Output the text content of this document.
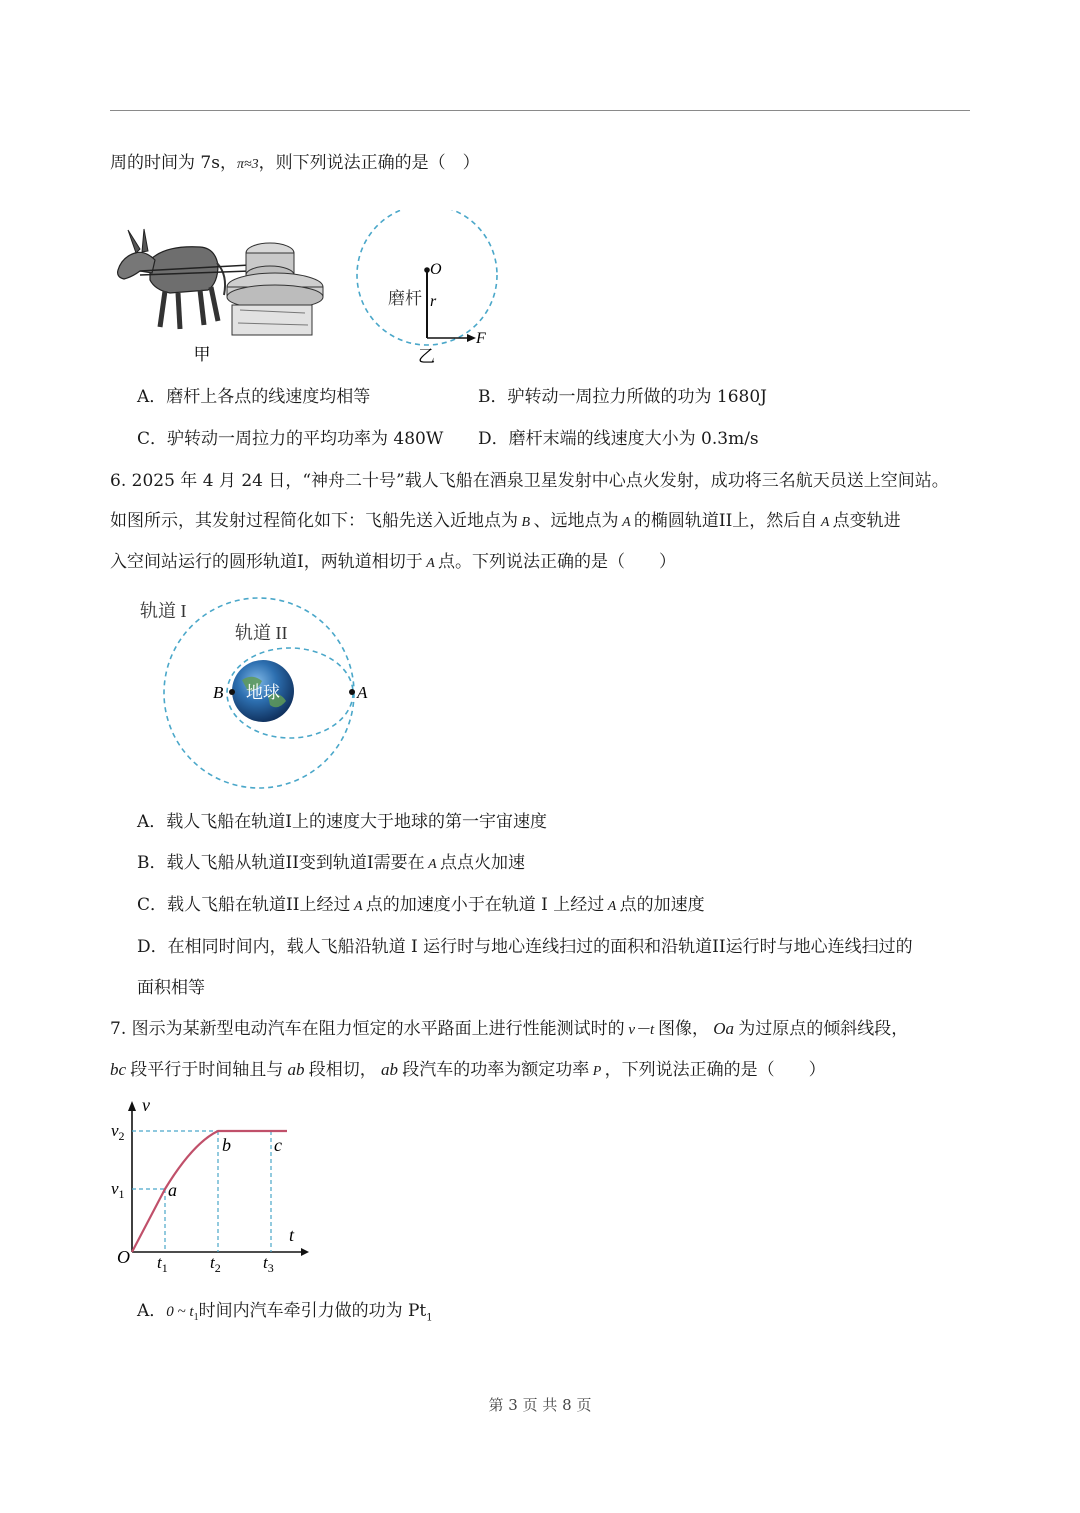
周的时间为 7s，π≈3，则下列说法正确的是（　）
甲
O
磨杆 r
F
乙
A．磨杆上各点的线速度均相等	B．驴转动一周拉力所做的功为 1680J
C．驴转动一周拉力的平均功率为 480W D．磨杆末端的线速度大小为 0.3m/s
6. 2025 年 4 月 24 日，“神舟二十号”载人飞船在酒泉卫星发射中心点火发射，成功将三名航天员送上空间站。
如图所示，其发射过程简化如下：飞船先送入近地点为 B 、远地点为 A 的椭圆轨道II上，然后自 A 点变轨进
入空间站运行的圆形轨道I，两轨道相切于 A 点。下列说法正确的是（　　）
轨道 I
轨道 II
地球
B	A
A．载人飞船在轨道I上的速度大于地球的第一宇宙速度
B．载人飞船从轨道II变到轨道I需要在 A 点点火加速
C．载人飞船在轨道II上经过 A 点的加速度小于在轨道 I 上经过 A 点的加速度
D．在相同时间内，载人飞船沿轨道 I 运行时与地心连线扫过的面积和沿轨道II运行时与地心连线扫过的
面积相等
7. 图示为某新型电动汽车在阻力恒定的水平路面上进行性能测试时的 v－t 图像， Oa 为过原点的倾斜线段，
bc 段平行于时间轴且与 ab 段相切， ab 段汽车的功率为额定功率 P ，下列说法正确的是（　　）
v
t
O
$v_2$
$v_1$ a
b c
$t_1$ $t_2$ $t_3$
A．0 ~ $t_1$时间内汽车牵引力做的功为 $Pt_1$
第 3 页 共 8 页
